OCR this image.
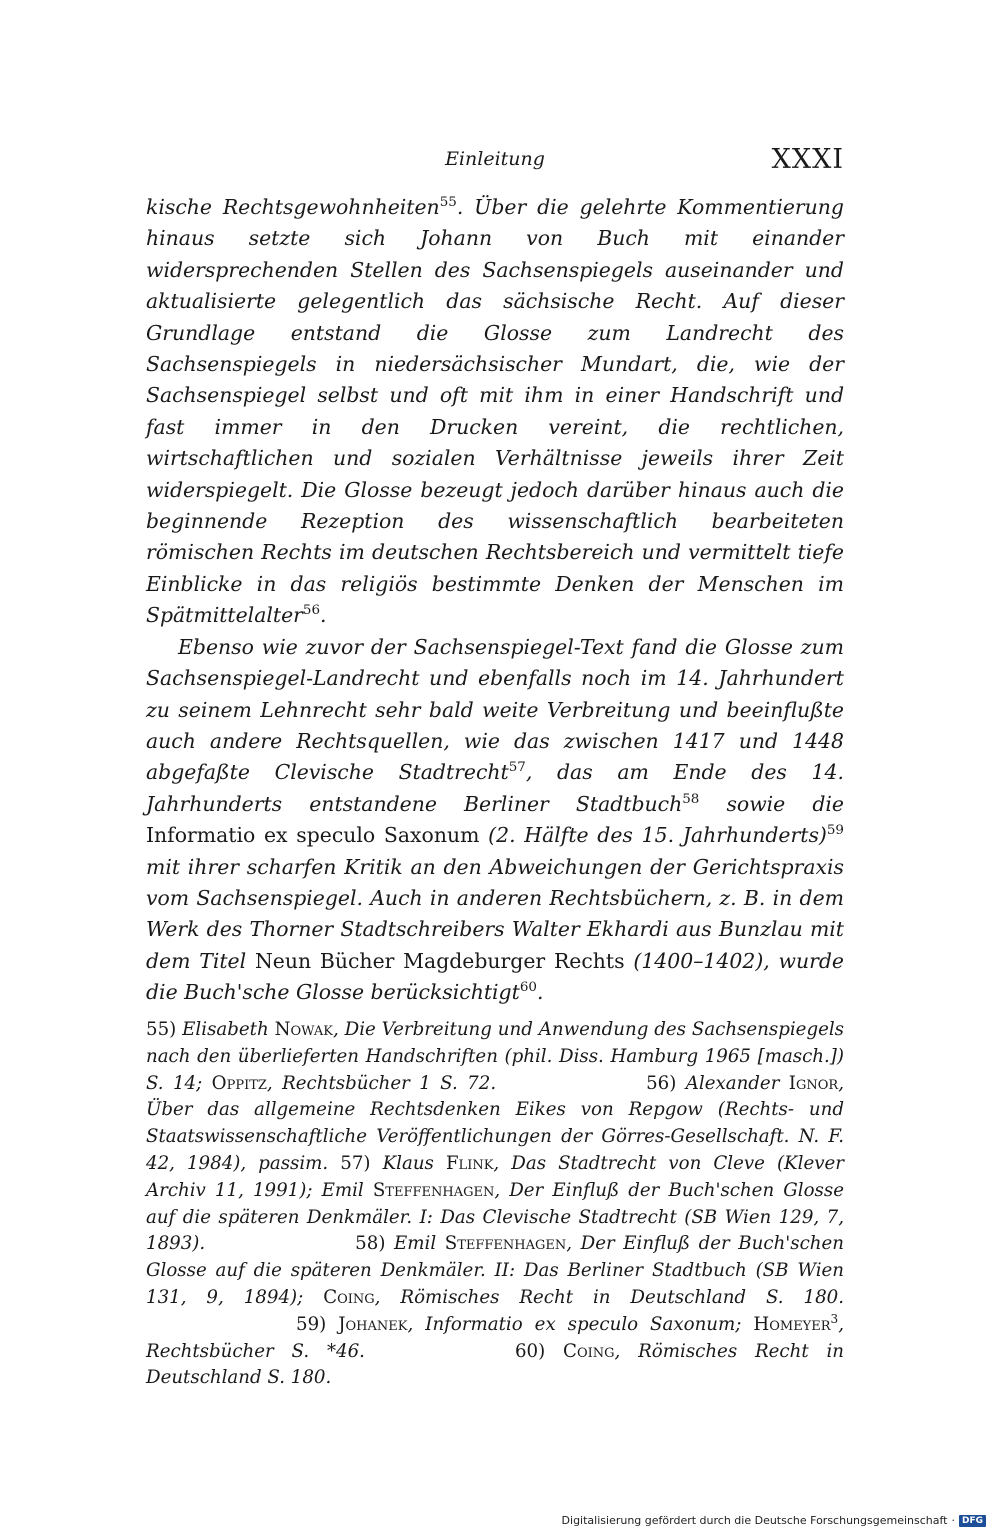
Einleitung	XXXI

kische Rechtsgewohnheiten$^{55}$. Über die gelehrte Kommentierung hinaus setzte sich Johann von Buch mit einander widersprechenden Stellen des Sachsenspiegels auseinander und aktualisierte gelegentlich das sächsische Recht. Auf dieser Grundlage entstand die Glosse zum Landrecht des Sachsenspiegels in niedersächsischer Mundart, die, wie der Sachsenspiegel selbst und oft mit ihm in einer Handschrift und fast immer in den Drucken vereint, die rechtlichen, wirtschaftlichen und sozialen Verhältnisse jeweils ihrer Zeit widerspiegelt. Die Glosse bezeugt jedoch darüber hinaus auch die beginnende Rezeption des wissenschaftlich bearbeiteten römischen Rechts im deutschen Rechtsbereich und vermittelt tiefe Einblicke in das religiös bestimmte Denken der Menschen im Spätmittelalter$^{56}$.

Ebenso wie zuvor der Sachsenspiegel-Text fand die Glosse zum Sachsenspiegel-Landrecht und ebenfalls noch im 14. Jahrhundert zu seinem Lehnrecht sehr bald weite Verbreitung und beeinflußte auch andere Rechtsquellen, wie das zwischen 1417 und 1448 abgefaßte Clevische Stadtrecht$^{57}$, das am Ende des 14. Jahrhunderts entstandene Berliner Stadtbuch$^{58}$ sowie die Informatio ex speculo Saxonum (2. Hälfte des 15. Jahrhunderts)$^{59}$ mit ihrer scharfen Kritik an den Abweichungen der Gerichtspraxis vom Sachsenspiegel. Auch in anderen Rechtsbüchern, z. B. in dem Werk des Thorner Stadtschreibers Walter Ekhardi aus Bunzlau mit dem Titel Neun Bücher Magdeburger Rechts (1400–1402), wurde die Buch'sche Glosse berücksichtigt$^{60}$.

55) Elisabeth Nowak, Die Verbreitung und Anwendung des Sachsenspiegels nach den überlieferten Handschriften (phil. Diss. Hamburg 1965 [masch.]) S. 14; Oppitz, Rechtsbücher 1 S. 72.	56) Alexander Ignor, Über das allgemeine Rechtsdenken Eikes von Repgow (Rechts- und Staatswissenschaftliche Veröffentlichungen der Görres-Gesellschaft. N. F. 42, 1984), passim. 57) Klaus Flink, Das Stadtrecht von Cleve (Klever Archiv 11, 1991); Emil Steffenhagen, Der Einfluß der Buch'schen Glosse auf die späteren Denkmäler. I: Das Clevische Stadtrecht (SB Wien 129, 7, 1893).	58) Emil Steffenhagen, Der Einfluß der Buch'schen Glosse auf die späteren Denkmäler. II: Das Berliner Stadtbuch (SB Wien 131, 9, 1894); Coing, Römisches Recht in Deutschland S. 180.59) Johanek, Informatio ex speculo Saxonum; Homeyer$^3$, Rechtsbücher S. *46.	60) Coing, Römisches Recht in Deutschland S. 180.
Digitalisierung gefördert durch die Deutsche Forschungsgemeinschaft · DFG
